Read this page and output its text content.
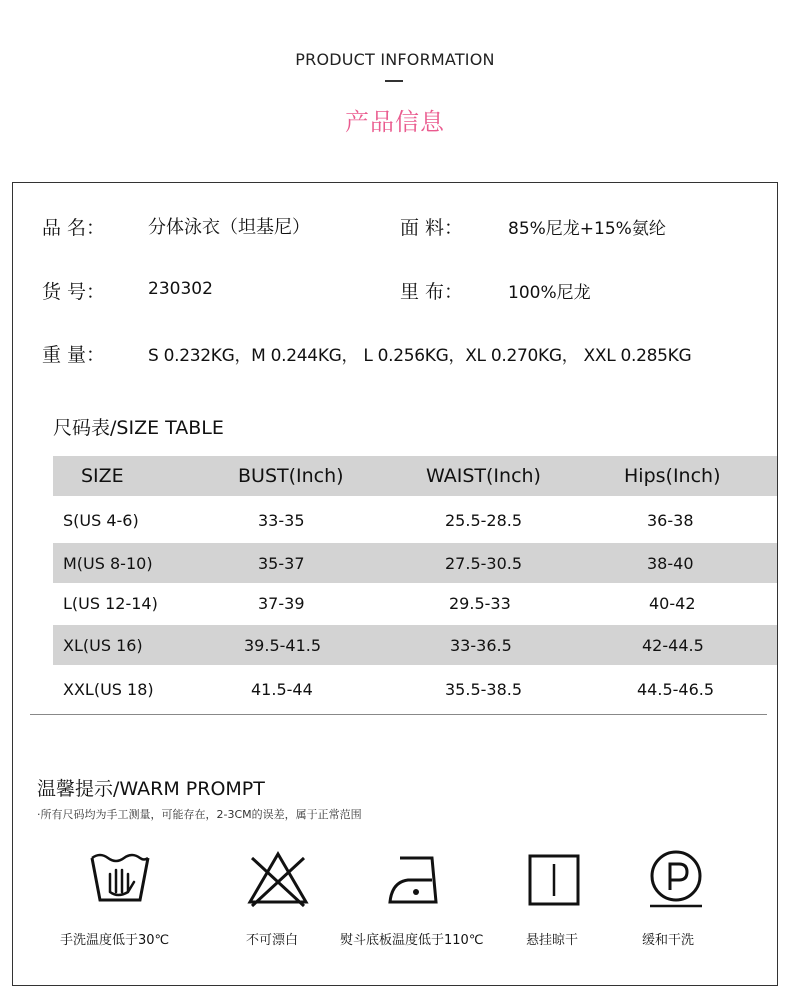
PRODUCT INFORMATION
产品信息
品 名： 分体泳衣（坦基尼）	面 料：	85%尼龙+15%氨纶
货 号：	230302	里 布：	100%尼龙
重 量：	S 0.232KG，M 0.244KG， L 0.256KG，XL 0.270KG， XXL 0.285KG
尺码表/SIZE TABLE
SIZE	BUST(Inch)	WAIST(Inch)	Hips(Inch)
S(US 4-6)	33-35	25.5-28.5	36-38
M(US 8-10)	35-37	27.5-30.5	38-40
L(US 12-14)	37-39	29.5-33	40-42
XL(US 16)	39.5-41.5	33-36.5	42-44.5
XXL(US 18)	41.5-44	35.5-38.5	44.5-46.5
温馨提示/WARM PROMPT
·所有尺码均为手工测量，可能存在，2-3CM的误差，属于正常范围
手洗温度低于30℃	不可漂白	熨斗底板温度低于110℃	悬挂晾干	缓和干洗
